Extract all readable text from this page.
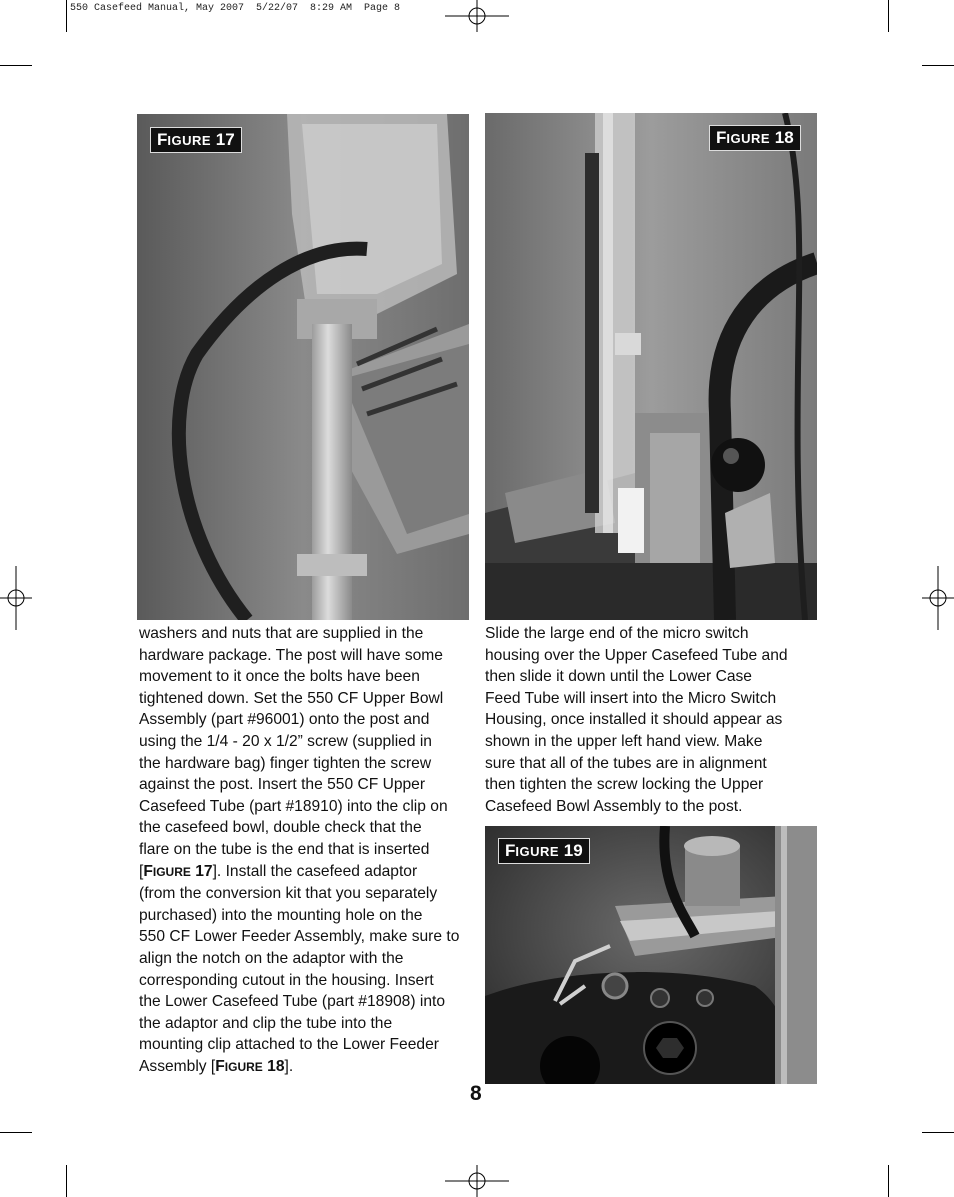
550 Casefeed Manual, May 2007  5/22/07  8:29 AM  Page 8
FIGURE 17	FIGURE 18
washers and nuts that are supplied in the
hardware package. The post will have some
movement to it once the bolts have been
tightened down. Set the 550 CF Upper Bowl
Assembly (part #96001) onto the post and
using the 1/4 - 20 x 1/2” screw (supplied in
the hardware bag) finger tighten the screw
against the post. Insert the 550 CF Upper
Casefeed Tube (part #18910) into the clip on
the casefeed bowl, double check that the
flare on the tube is the end that is inserted
[FIGURE 17]. Install the casefeed adaptor
(from the conversion kit that you separately
purchased) into the mounting hole on the
550 CF Lower Feeder Assembly, make sure to
align the notch on the adaptor with the
corresponding cutout in the housing. Insert
the Lower Casefeed Tube (part #18908) into
the adaptor and clip the tube into the
mounting clip attached to the Lower Feeder
Assembly [FIGURE 18].
Slide the large end of the micro switch
housing over the Upper Casefeed Tube and
then slide it down until the Lower Case
Feed Tube will insert into the Micro Switch
Housing, once installed it should appear as
shown in the upper left hand view. Make
sure that all of the tubes are in alignment
then tighten the screw locking the Upper
Casefeed Bowl Assembly to the post.
FIGURE 19
8
